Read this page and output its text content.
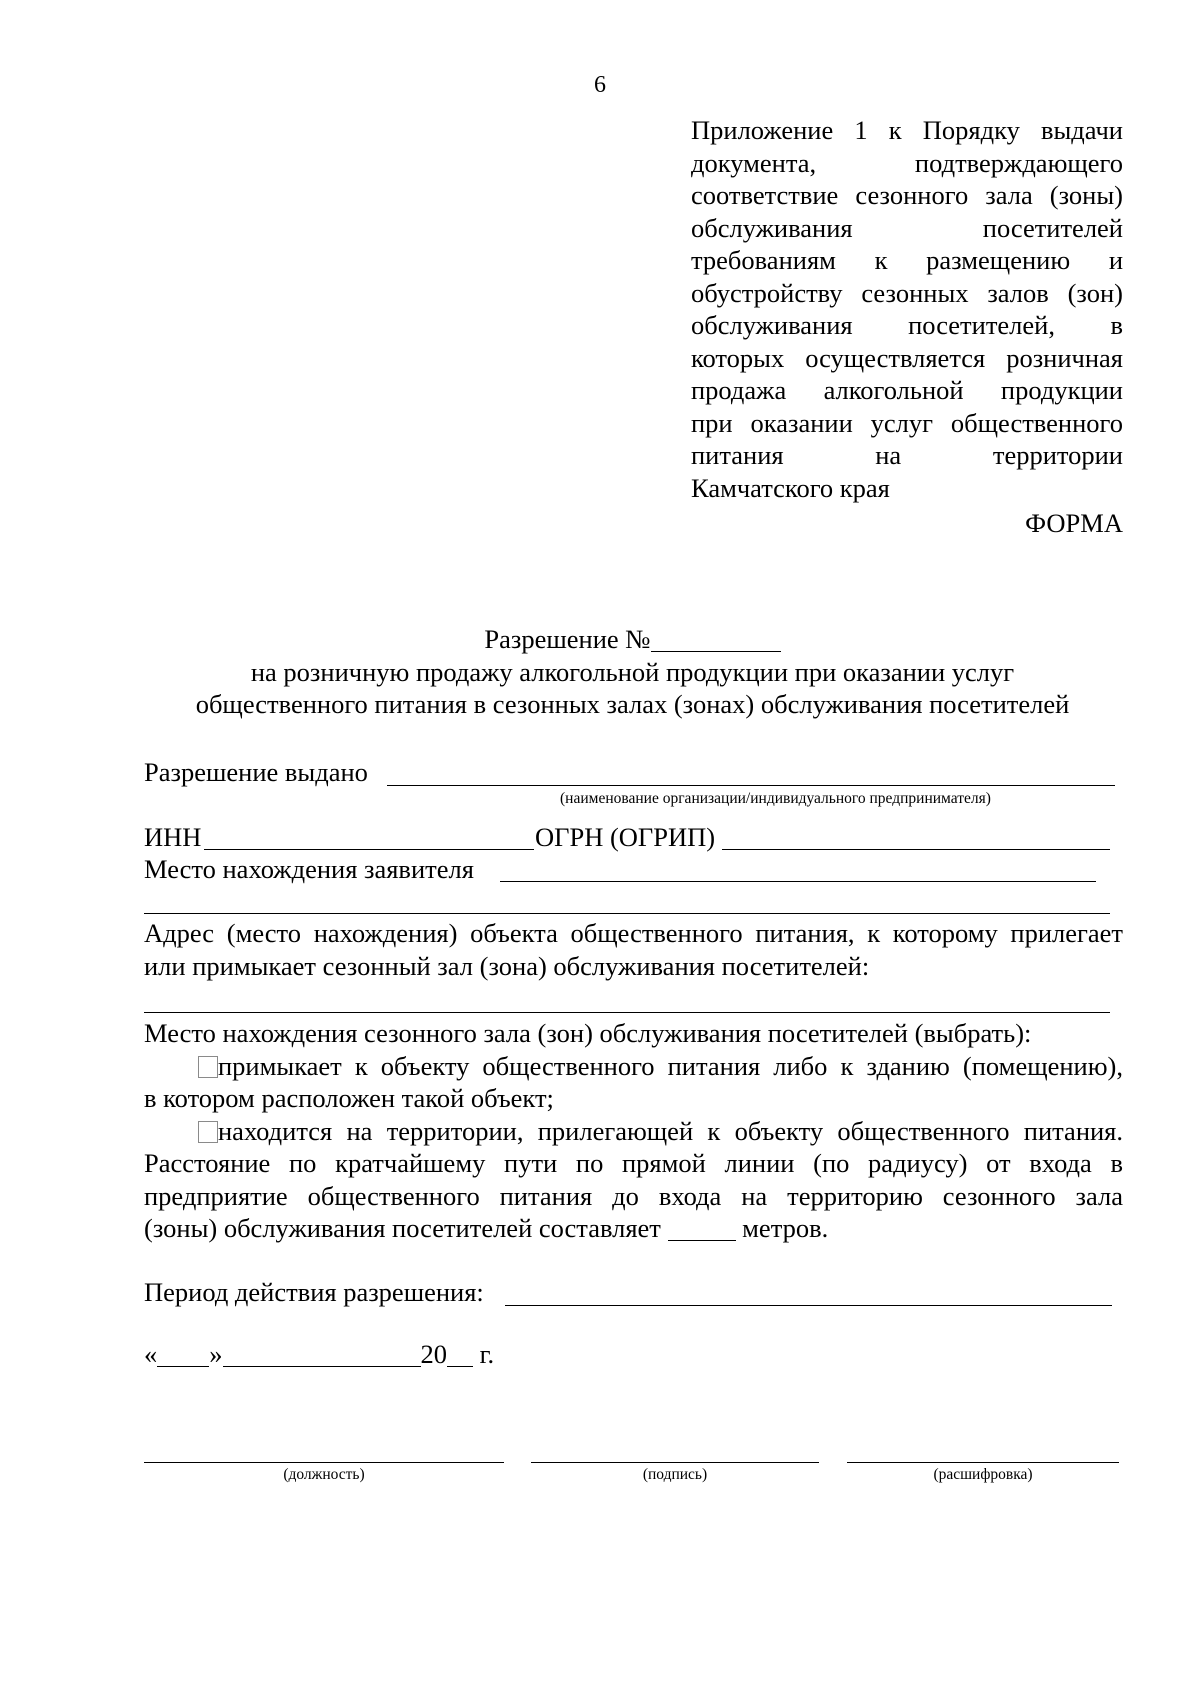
6
Приложение 1 к Порядку выдачи
документа, подтверждающего
соответствие сезонного зала (зоны)
обслуживания посетителей
требованиям к размещению и
обустройству сезонных залов (зон)
обслуживания посетителей, в
которых осуществляется розничная
продажа алкогольной продукции
при оказании услуг общественного
питания на территории
Камчатского края
ФОРМА
Разрешение №
на розничную продажу алкогольной продукции при оказании услуг
общественного питания в сезонных залах (зонах) обслуживания посетителей
Разрешение выдано
(наименование организации/индивидуального предпринимателя)
ИНН	ОГРН (ОГРИП)
Место нахождения заявителя
Адрес (место нахождения) объекта общественного питания, к которому прилегает
или примыкает сезонный зал (зона) обслуживания посетителей:
Место нахождения сезонного зала (зон) обслуживания посетителей (выбрать):
примыкает к объекту общественного питания либо к зданию (помещению),
в котором расположен такой объект;
находится на территории, прилегающей к объекту общественного питания.
Расстояние по кратчайшему пути по прямой линии (по радиусу) от входа в
предприятие общественного питания до входа на территорию сезонного зала
(зоны) обслуживания посетителей составляет	метров.
Период действия разрешения:
« »	20 г.
(должность)	(подпись)	(расшифровка)
